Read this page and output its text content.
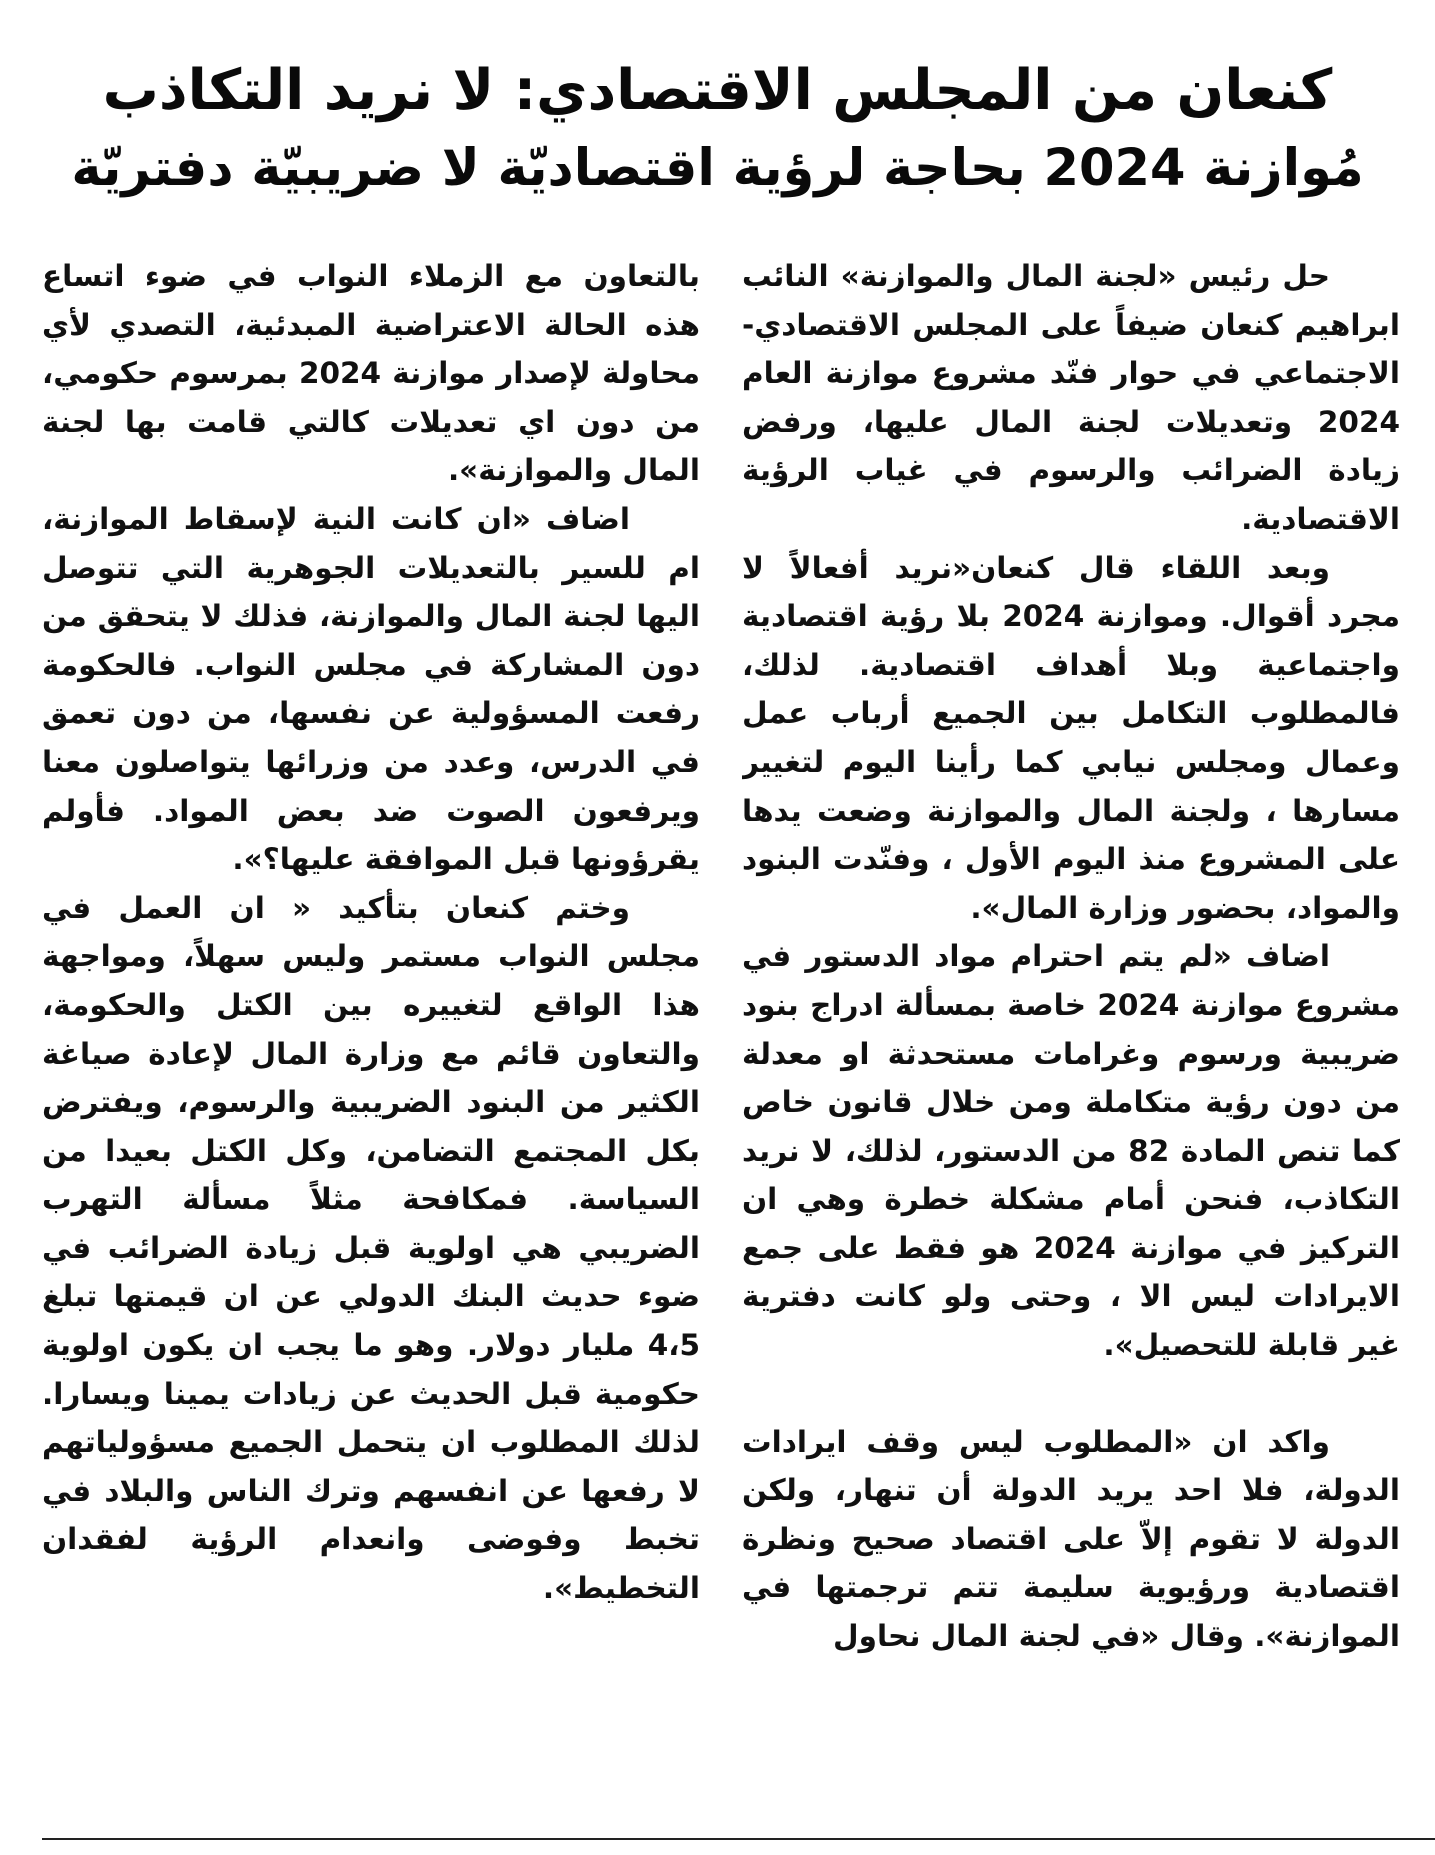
كنعان من المجلس الاقتصادي: لا نريد التكاذب
مُوازنة 2024 بحاجة لرؤية اقتصاديّة لا ضريبيّة دفتريّة

حل رئيس «لجنة المال والموازنة» النائب ابراهيم كنعان ضيفاً على المجلس الاقتصادي- الاجتماعي في حوار فنّد مشروع موازنة العام 2024 وتعديلات لجنة المال عليها، ورفض زيادة الضرائب والرسوم في غياب الرؤية الاقتصادية.

وبعد اللقاء قال كنعان«نريد أفعالاً لا مجرد أقوال. وموازنة 2024 بلا رؤية اقتصادية واجتماعية وبلا أهداف اقتصادية. لذلك، فالمطلوب التكامل بين الجميع أرباب عمل وعمال ومجلس نيابي كما رأينا اليوم لتغيير مسارها ، ولجنة المال والموازنة وضعت يدها على المشروع منذ اليوم الأول ، وفنّدت البنود والمواد، بحضور وزارة المال».

اضاف «لم يتم احترام مواد الدستور في مشروع موازنة 2024 خاصة بمسألة ادراج بنود ضريبية ورسوم وغرامات مستحدثة او معدلة من دون رؤية متكاملة ومن خلال قانون خاص كما تنص المادة 82 من الدستور، لذلك، لا نريد التكاذب، فنحن أمام مشكلة خطرة وهي ان التركيز في موازنة 2024 هو فقط على جمع الايرادات ليس الا ، وحتى ولو كانت دفترية غير قابلة للتحصيل».

واكد ان «المطلوب ليس وقف ايرادات الدولة، فلا احد يريد الدولة أن تنهار، ولكن الدولة لا تقوم إلاّ على اقتصاد صحيح ونظرة اقتصادية ورؤيوية سليمة تتم ترجمتها في الموازنة». وقال «في لجنة المال نحاول

بالتعاون مع الزملاء النواب في ضوء اتساع هذه الحالة الاعتراضية المبدئية، التصدي لأي محاولة لإصدار موازنة 2024 بمرسوم حكومي، من دون اي تعديلات كالتي قامت بها لجنة المال والموازنة».

اضاف «ان كانت النية لإسقاط الموازنة، ام للسير بالتعديلات الجوهرية التي تتوصل اليها لجنة المال والموازنة، فذلك لا يتحقق من دون المشاركة في مجلس النواب. فالحكومة رفعت المسؤولية عن نفسها، من دون تعمق في الدرس، وعدد من وزرائها يتواصلون معنا ويرفعون الصوت ضد بعض المواد. فأولم يقرؤونها قبل الموافقة عليها؟».

وختم كنعان بتأكيد « ان العمل في مجلس النواب مستمر وليس سهلاً، ومواجهة هذا الواقع لتغييره بين الكتل والحكومة، والتعاون قائم مع وزارة المال لإعادة صياغة الكثير من البنود الضريبية والرسوم، ويفترض بكل المجتمع التضامن، وكل الكتل بعيدا من السياسة. فمكافحة مثلاً مسألة التهرب الضريبي هي اولوية قبل زيادة الضرائب في ضوء حديث البنك الدولي عن ان قيمتها تبلغ 4،5 مليار دولار. وهو ما يجب ان يكون اولوية حكومية قبل الحديث عن زيادات يمينا ويسارا. لذلك المطلوب ان يتحمل الجميع مسؤولياتهم لا رفعها عن انفسهم وترك الناس والبلاد في تخبط وفوضى وانعدام الرؤية لفقدان التخطيط».
